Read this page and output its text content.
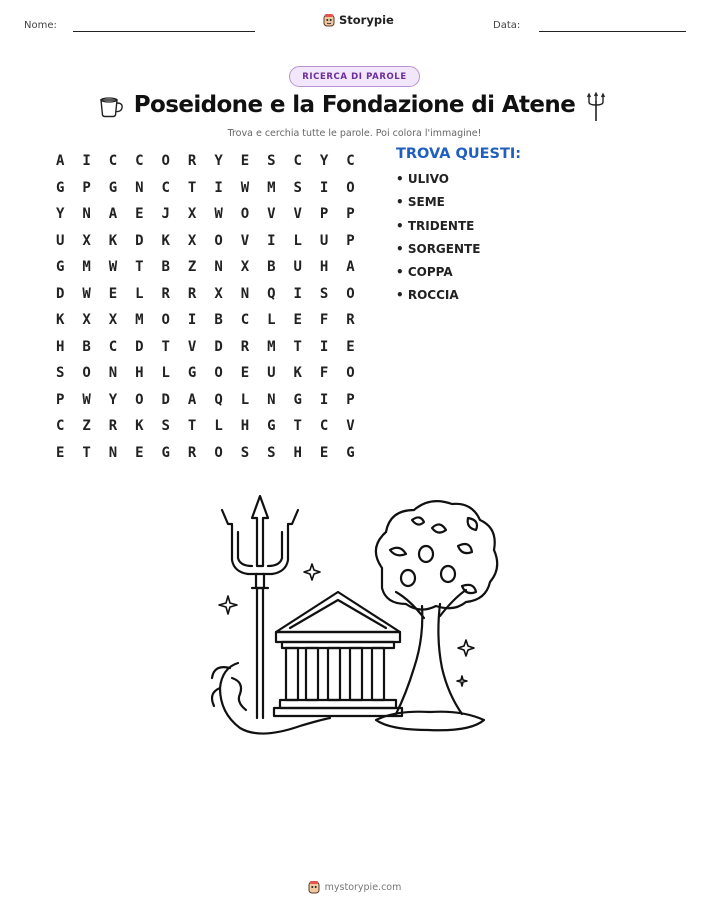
Nome:	Storypie	Data:
RICERCA DI PAROLE
Poseidone e la Fondazione di Atene
Trova e cerchia tutte le parole. Poi colora l'immagine!
A	I	C	C	O	R	Y	E	S	C	Y	C
G	P	G	N	C	T	I	W	M	S	I	O
Y	N	A	E	J	X	W	O	V	V	P	P
U	X	K	D	K	X	O	V	I	L	U	P
G	M	W	T	B	Z	N	X	B	U	H	A
D	W	E	L	R	R	X	N	Q	I	S	O
K	X	X	M	O	I	B	C	L	E	F	R
H	B	C	D	T	V	D	R	M	T	I	E
S	O	N	H	L	G	O	E	U	K	F	O
P	W	Y	O	D	A	Q	L	N	G	I	P
C	Z	R	K	S	T	L	H	G	T	C	V
E	T	N	E	G	R	O	S	S	H	E	G
TROVA QUESTI:
• ULIVO
• SEME
• TRIDENTE
• SORGENTE
• COPPA
• ROCCIA
mystorypie.com
